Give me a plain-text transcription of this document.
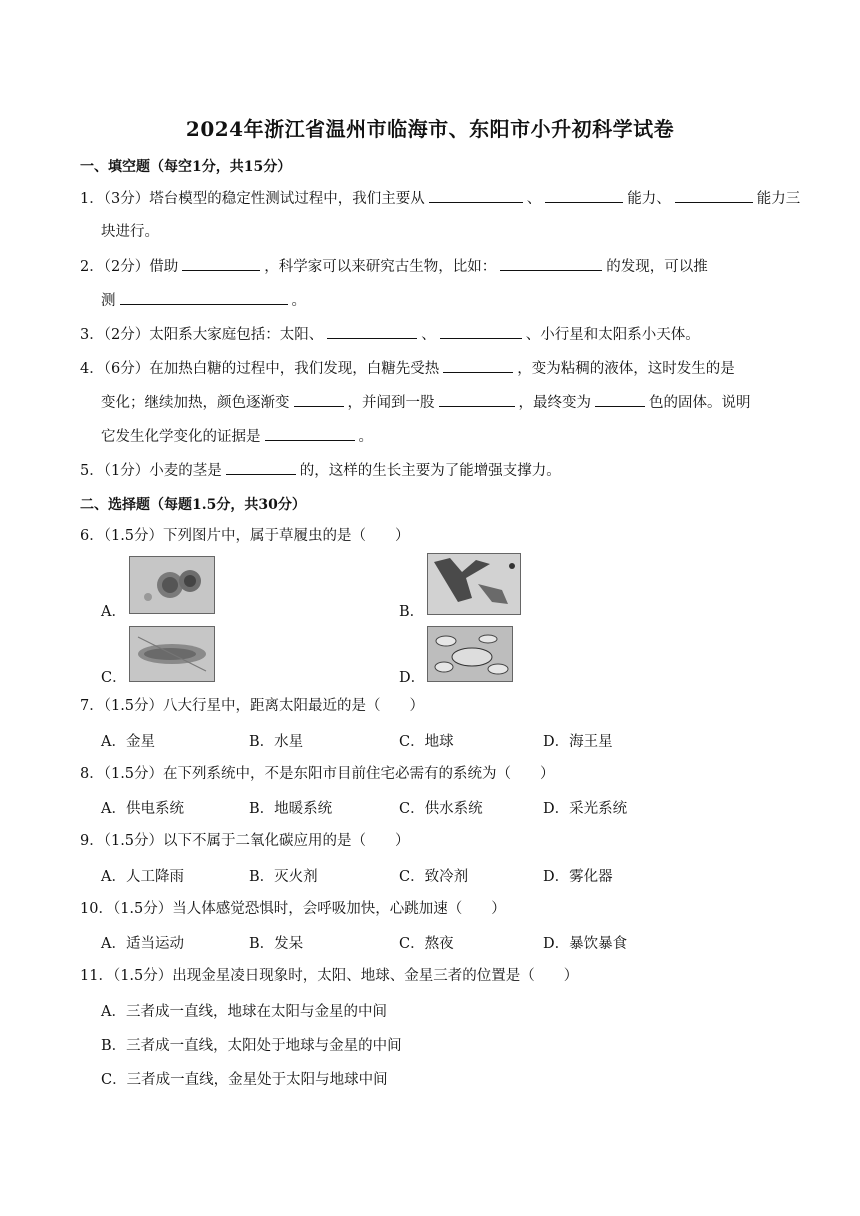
2024年浙江省温州市临海市、东阳市小升初科学试卷
一、填空题（每空1分，共15分）
1．（3分）塔台模型的稳定性测试过程中，我们主要从	、	能力、	能力三
块进行。
2．（2分）借助	，科学家可以来研究古生物，比如：	的发现，可以推
测	。
3．（2分）太阳系大家庭包括：太阳、	、	、小行星和太阳系小天体。
4．（6分）在加热白糖的过程中，我们发现，白糖先受热	，变为粘稠的液体，这时发生的是
变化；继续加热，颜色逐渐变	，并闻到一股	，最终变为	色的固体。说明
它发生化学变化的证据是	。
5．（1分）小麦的茎是	的，这样的生长主要为了能增强支撑力。
二、选择题（每题1.5分，共30分）
6．（1.5分）下列图片中，属于草履虫的是（　　）
A．	B．
C．	D．
7．（1.5分）八大行星中，距离太阳最近的是（　　）
A．金星	B．水星	C．地球	D．海王星
8．（1.5分）在下列系统中，不是东阳市目前住宅必需有的系统为（　　）
A．供电系统	B．地暖系统	C．供水系统	D．采光系统
9．（1.5分）以下不属于二氧化碳应用的是（　　）
A．人工降雨	B．灭火剂	C．致冷剂	D．雾化器
10．（1.5分）当人体感觉恐惧时，会呼吸加快，心跳加速（　　）
A．适当运动	B．发呆	C．熬夜	D．暴饮暴食
11．（1.5分）出现金星凌日现象时，太阳、地球、金星三者的位置是（　　）
A．三者成一直线，地球在太阳与金星的中间
B．三者成一直线，太阳处于地球与金星的中间
C．三者成一直线，金星处于太阳与地球中间
